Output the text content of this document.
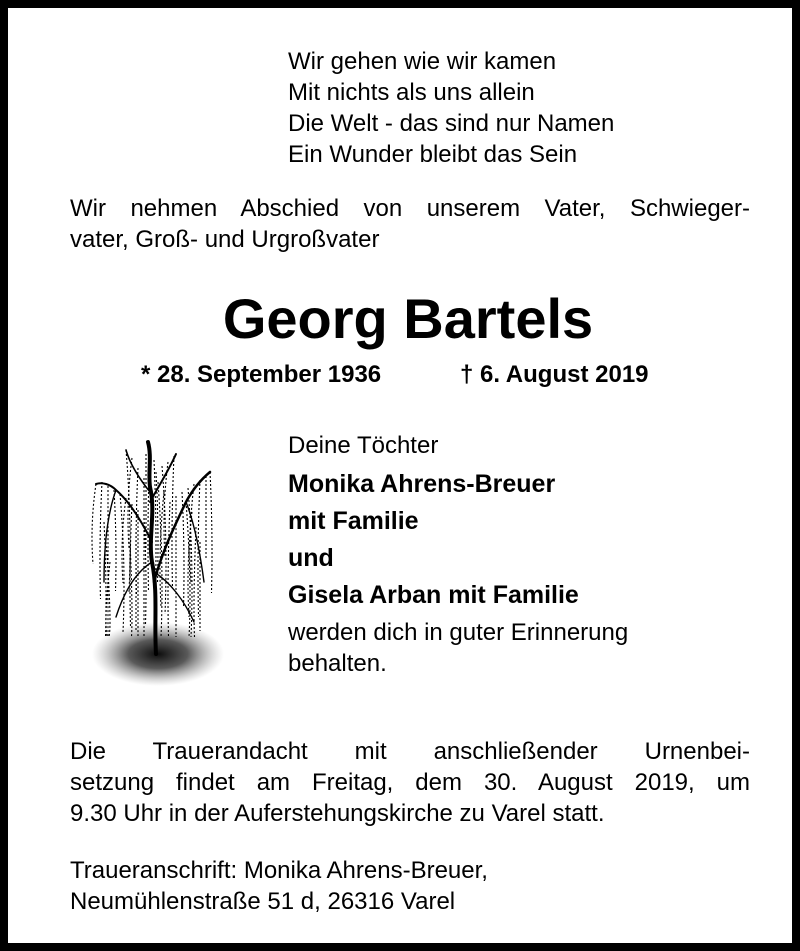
Wir gehen wie wir kamen
Mit nichts als uns allein
Die Welt - das sind nur Namen
Ein Wunder bleibt das Sein
Wir nehmen Abschied von unserem Vater, Schwieger-
vater, Groß- und Urgroßvater
Georg Bartels
* 28. September 1936	† 6. August 2019
Deine Töchter
Monika Ahrens-Breuer
mit Familie
und
Gisela Arban mit Familie
werden dich in guter Erinnerung
behalten.
Die Trauerandacht mit anschließender Urnenbei-
setzung findet am Freitag, dem 30. August 2019, um
9.30 Uhr in der Auferstehungskirche zu Varel statt.
Traueranschrift: Monika Ahrens-Breuer,
Neumühlenstraße 51 d, 26316 Varel
